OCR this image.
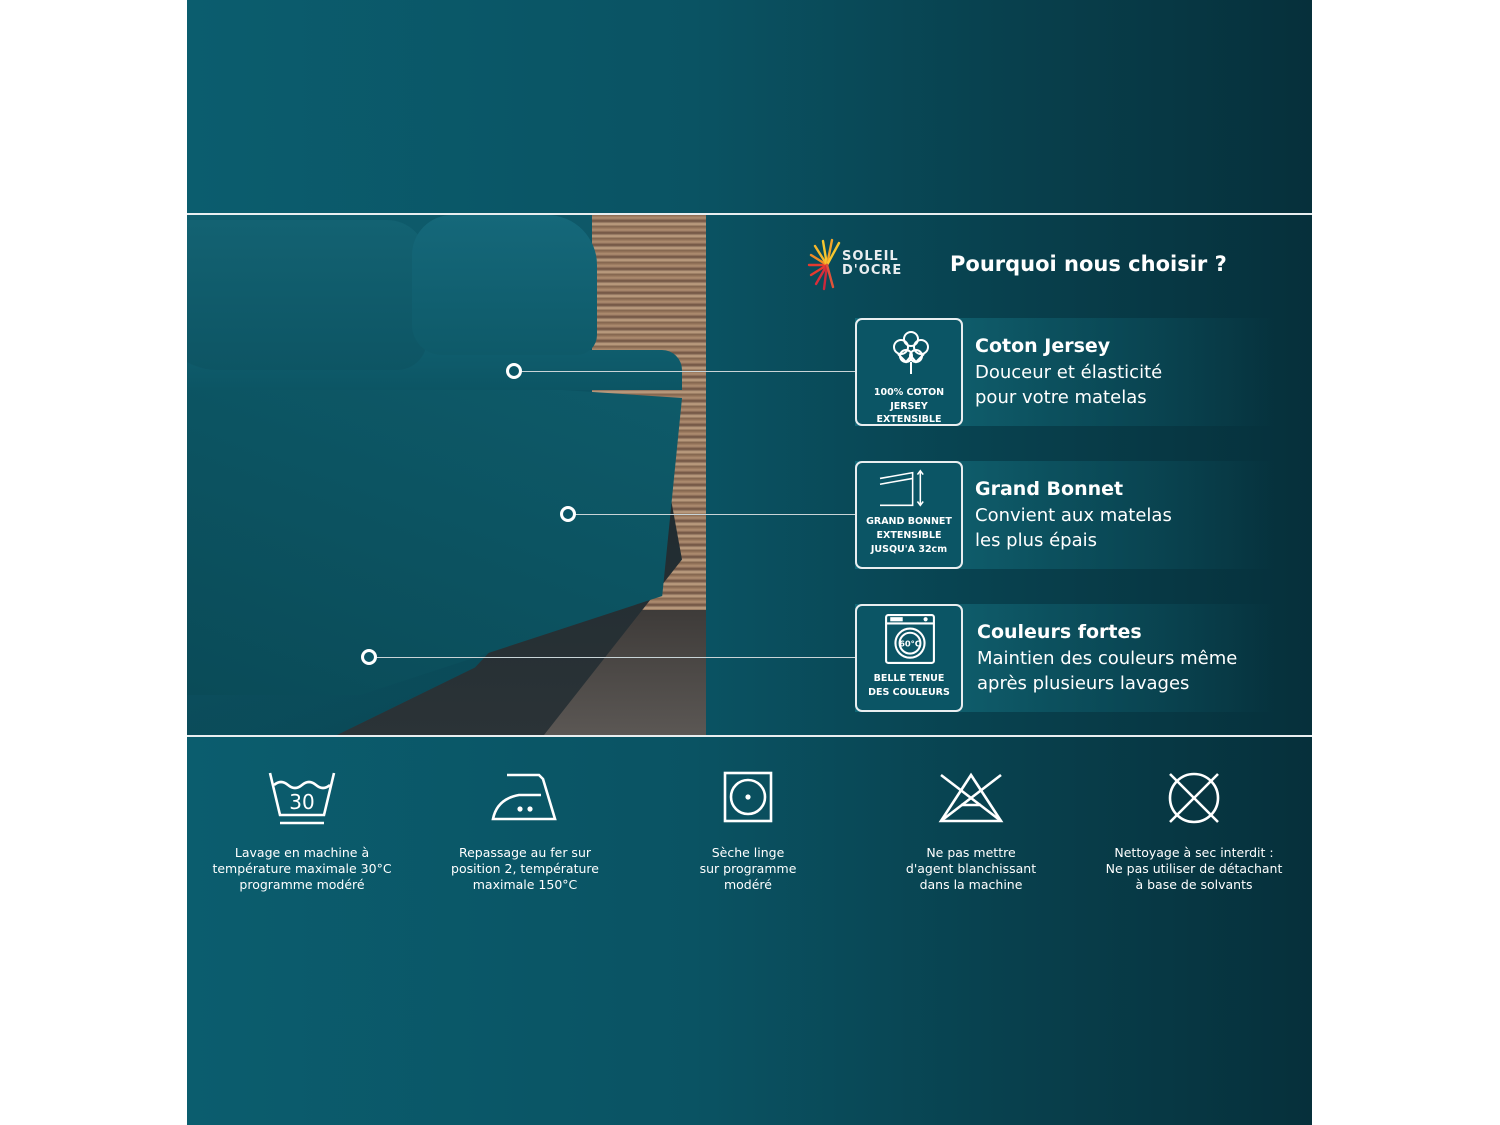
SOLEIL
D'OCRE Pourquoi nous choisir ?
100% COTON
JERSEY EXTENSIBLE
Coton Jersey
Douceur et élasticité
pour votre matelas
GRAND BONNET
EXTENSIBLE
JUSQU'A 32cm
Grand Bonnet
Convient aux matelas
les plus épais
60°C
BELLE TENUE
DES COULEURS
Couleurs fortes
Maintien des couleurs même
après plusieurs lavages
30
Lavage en machine à
température maximale 30°C
programme modéré
Repassage au fer sur
position 2, température
maximale 150°C
Sèche linge
sur programme
modéré
Ne pas mettre
d'agent blanchissant
dans la machine
Nettoyage à sec interdit :
Ne pas utiliser de détachant
à base de solvants
